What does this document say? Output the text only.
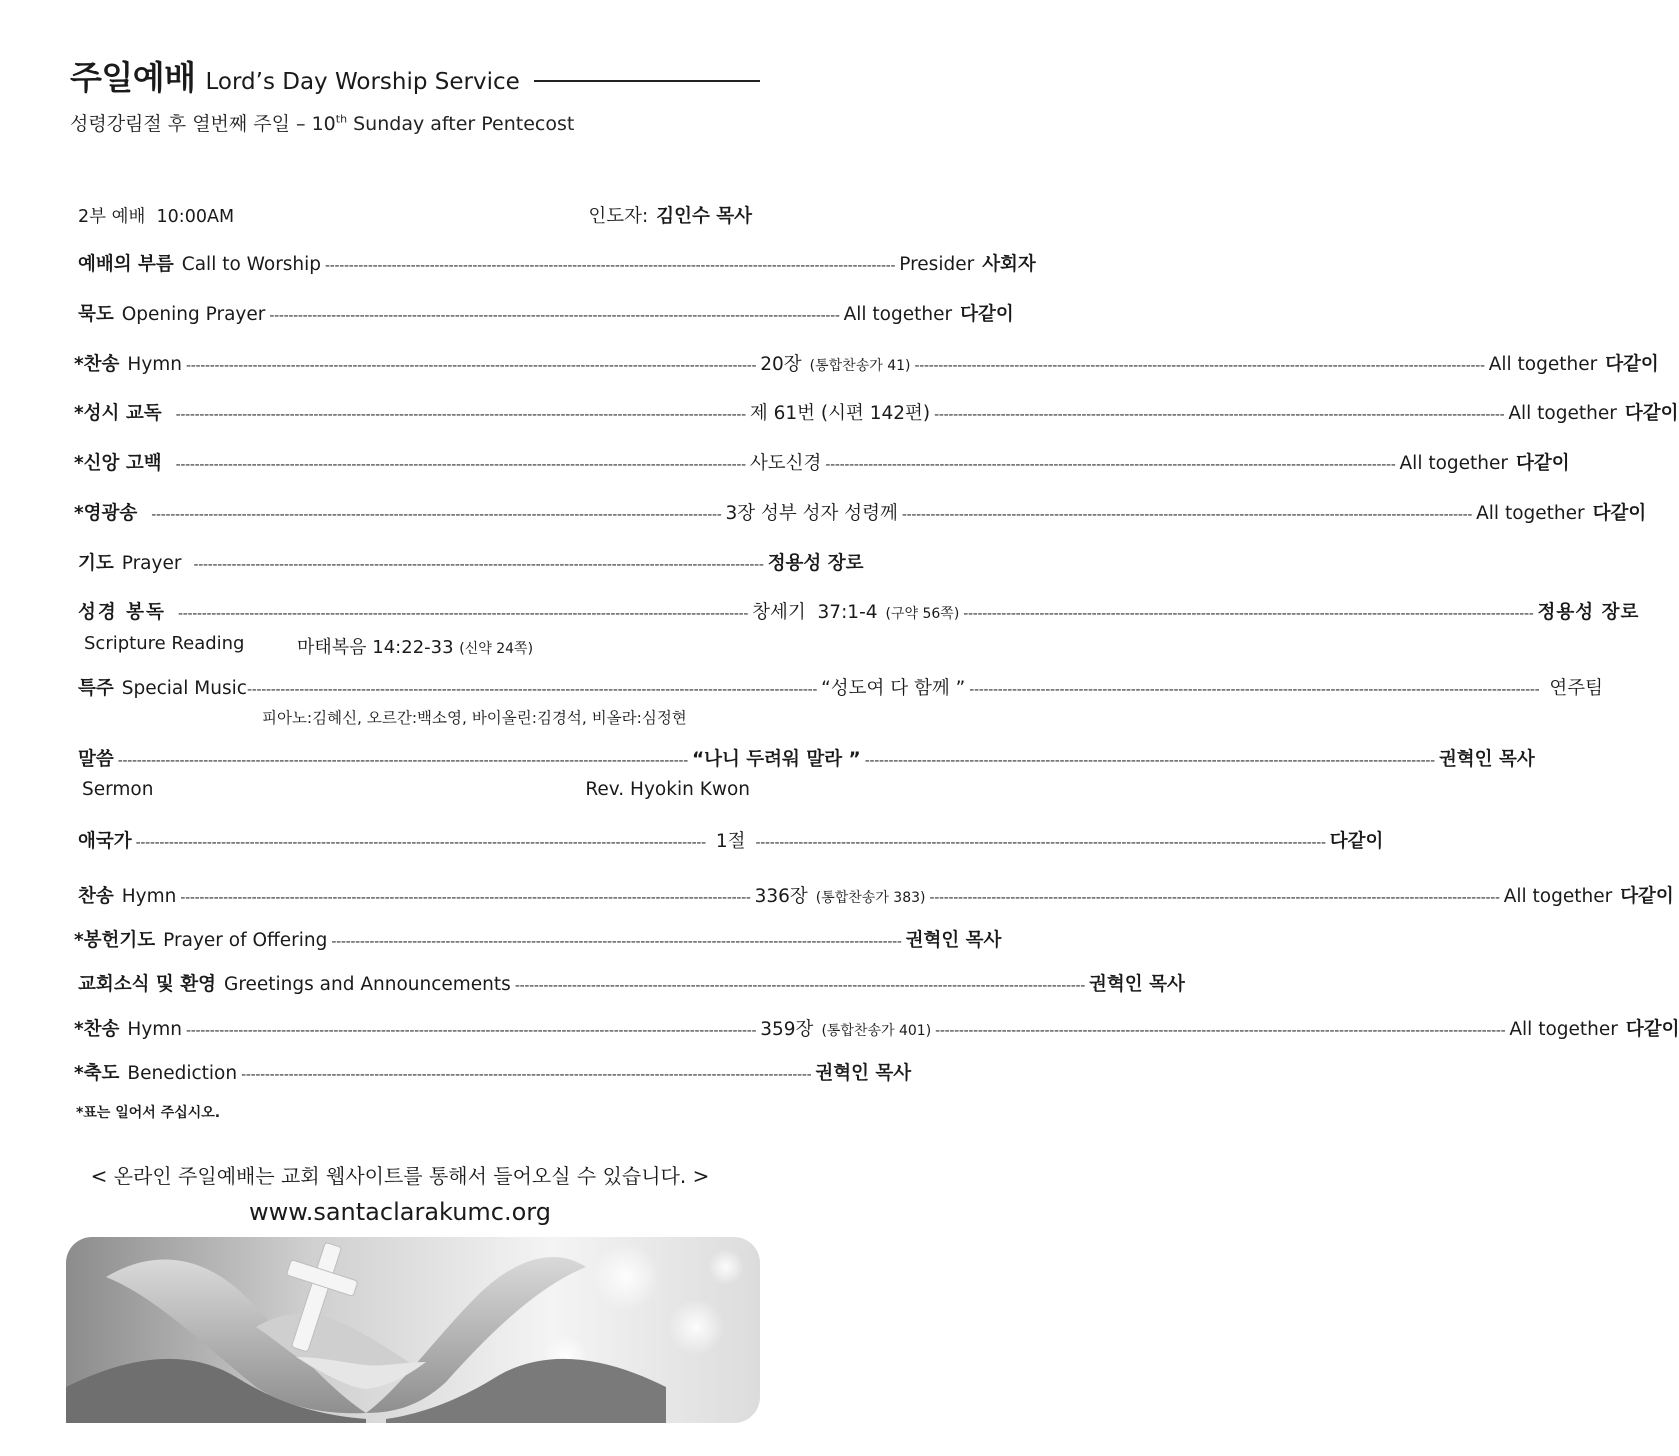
주일예배 Lord’s Day Worship Service
성령강림절 후 열번째 주일 – 10th Sunday after Pentecost
2부 예배  10:00AM	인도자: 김인수 목사
예배의 부름 Call to Worship ------------------------------------------------------------------------------------------------------------------------ Presider 사회자
묵도 Opening Prayer ------------------------------------------------------------------------------------------------------------------------ All together 다같이
*찬송 Hymn ------------------------------------------------------------------------------------------------------------------------ 20장 (통합찬송가 41) ------------------------------------------------------------------------------------------------------------------------ All together 다같이
*성시 교독 ------------------------------------------------------------------------------------------------------------------------ 제 61번 (시편 142편) ------------------------------------------------------------------------------------------------------------------------ All together 다같이
*신앙 고백 ------------------------------------------------------------------------------------------------------------------------ 사도신경 ------------------------------------------------------------------------------------------------------------------------ All together 다같이
*영광송 ------------------------------------------------------------------------------------------------------------------------ 3장 성부 성자 성령께 ------------------------------------------------------------------------------------------------------------------------ All together 다같이
기도 Prayer ------------------------------------------------------------------------------------------------------------------------ 정용성 장로
성경 봉독 ------------------------------------------------------------------------------------------------------------------------ 창세기  37:1-4 (구약 56쪽) ------------------------------------------------------------------------------------------------------------------------ 정용성 장로
Scripture Reading	마태복음 14:22-33 (신약 24쪽)
특주 Special Music ------------------------------------------------------------------------------------------------------------------------ “성도여 다 함께 ” ------------------------------------------------------------------------------------------------------------------------ 연주팀
피아노:김혜신, 오르간:백소영, 바이올린:김경석, 비올라:심정현
말씀 ------------------------------------------------------------------------------------------------------------------------ “나니 두려워 말라 ” ------------------------------------------------------------------------------------------------------------------------ 권혁인 목사
Sermon	Rev. Hyokin Kwon
애국가 ------------------------------------------------------------------------------------------------------------------------ 1절 ------------------------------------------------------------------------------------------------------------------------ 다같이
찬송 Hymn ------------------------------------------------------------------------------------------------------------------------ 336장 (통합찬송가 383) ------------------------------------------------------------------------------------------------------------------------ All together 다같이
*봉헌기도 Prayer of Offering ------------------------------------------------------------------------------------------------------------------------ 권혁인 목사
교회소식 및 환영 Greetings and Announcements ------------------------------------------------------------------------------------------------------------------------ 권혁인 목사
*찬송 Hymn ------------------------------------------------------------------------------------------------------------------------ 359장 (통합찬송가 401) ------------------------------------------------------------------------------------------------------------------------ All together 다같이
*축도 Benediction ------------------------------------------------------------------------------------------------------------------------ 권혁인 목사
*표는 일어서 주십시오.
< 온라인 주일예배는 교회 웹사이트를 통해서 들어오실 수 있습니다. >
www.santaclarakumc.org
